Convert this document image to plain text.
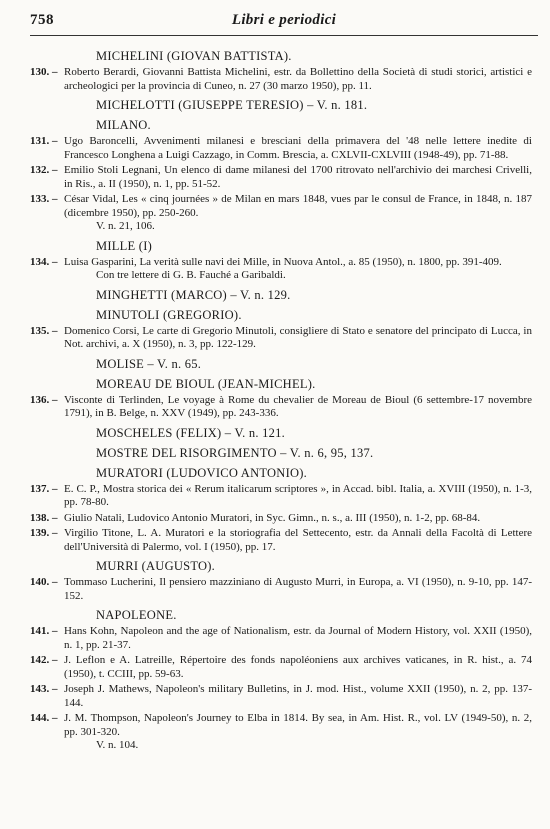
758	Libri e periodici
MICHELINI (GIOVAN BATTISTA).
130. – Roberto Berardi, Giovanni Battista Michelini, estr. da Bollettino della Società di studi storici, artistici e archeologici per la provincia di Cuneo, n. 27 (30 marzo 1950), pp. 11.
MICHELOTTI (GIUSEPPE TERESIO) – V. n. 181.
MILANO.
131. – Ugo Baroncelli, Avvenimenti milanesi e bresciani della primavera del '48 nelle lettere inedite di Francesco Longhena a Luigi Cazzago, in Comm. Brescia, a. CXLVII-CXLVIII (1948-49), pp. 71-88.
132. – Emilio Stoli Legnani, Un elenco di dame milanesi del 1700 ritrovato nell'archivio dei marchesi Crivelli, in Ris., a. II (1950), n. 1, pp. 51-52.
133. – César Vidal, Les « cinq journées » de Milan en mars 1848, vues par le consul de France, in 1848, n. 187 (dicembre 1950), pp. 250-260.
V. n. 21, 106.
MILLE (I)
134. – Luisa Gasparini, La verità sulle navi dei Mille, in Nuova Antol., a. 85 (1950), n. 1800, pp. 391-409.
Con tre lettere di G. B. Fauché a Garibaldi.
MINGHETTI (MARCO) – V. n. 129.
MINUTOLI (GREGORIO).
135. – Domenico Corsi, Le carte di Gregorio Minutoli, consigliere di Stato e senatore del principato di Lucca, in Not. archivi, a. X (1950), n. 3, pp. 122-129.
MOLISE – V. n. 65.
MOREAU DE BIOUL (JEAN-MICHEL).
136. – Visconte di Terlinden, Le voyage à Rome du chevalier de Moreau de Bioul (6 settembre-17 novembre 1791), in B. Belge, n. XXV (1949), pp. 243-336.
MOSCHELES (FELIX) – V. n. 121.
MOSTRE DEL RISORGIMENTO – V. n. 6, 95, 137.
MURATORI (LUDOVICO ANTONIO).
137. – E. C. P., Mostra storica dei « Rerum italicarum scriptores », in Accad. bibl. Italia, a. XVIII (1950), n. 1-3, pp. 78-80.
138. – Giulio Natali, Ludovico Antonio Muratori, in Syc. Gimn., n. s., a. III (1950), n. 1-2, pp. 68-84.
139. – Virgilio Titone, L. A. Muratori e la storiografia del Settecento, estr. da Annali della Facoltà di Lettere dell'Università di Palermo, vol. I (1950), pp. 17.
MURRI (AUGUSTO).
140. – Tommaso Lucherini, Il pensiero mazziniano di Augusto Murri, in Europa, a. VI (1950), n. 9-10, pp. 147-152.
NAPOLEONE.
141. – Hans Kohn, Napoleon and the age of Nationalism, estr. da Journal of Modern History, vol. XXII (1950), n. 1, pp. 21-37.
142. – J. Leflon e A. Latreille, Répertoire des fonds napoléoniens aux archives vaticanes, in R. hist., a. 74 (1950), t. CCIII, pp. 59-63.
143. – Joseph J. Mathews, Napoleon's military Bulletins, in J. mod. Hist., volume XXII (1950), n. 2, pp. 137-144.
144. – J. M. Thompson, Napoleon's Journey to Elba in 1814. By sea, in Am. Hist. R., vol. LV (1949-50), n. 2, pp. 301-320.
V. n. 104.
